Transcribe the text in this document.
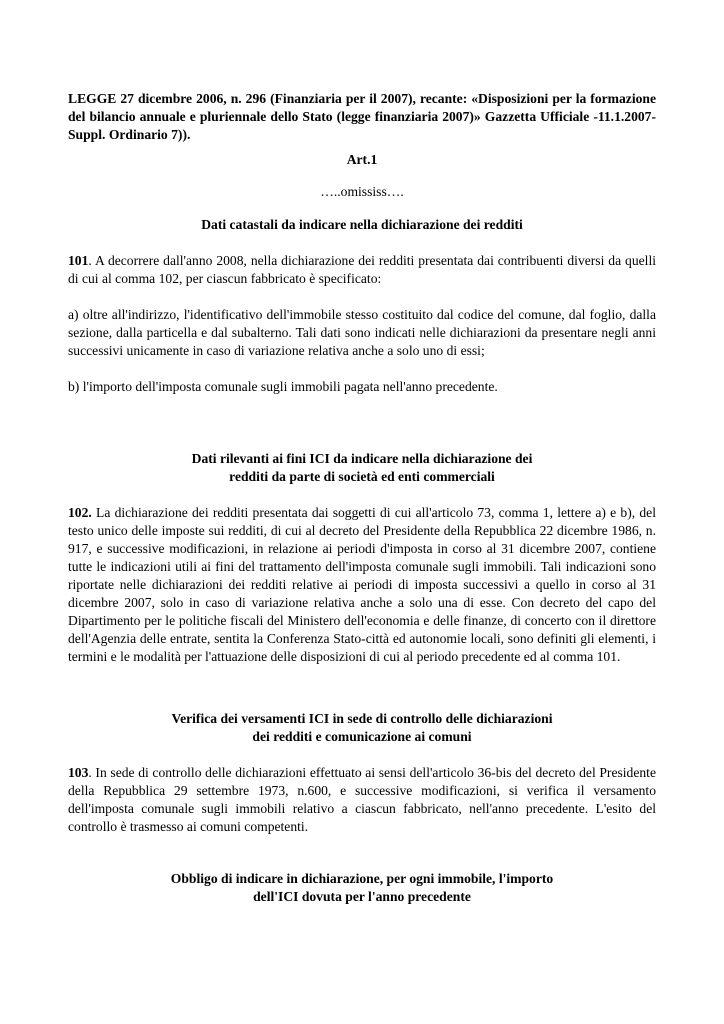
LEGGE 27 dicembre 2006, n. 296 (Finanziaria per il 2007), recante: «Disposizioni per la formazione del bilancio annuale e pluriennale dello Stato (legge finanziaria 2007)» Gazzetta Ufficiale -11.1.2007- Suppl. Ordinario 7)).

Art.1

…..omississ….

Dati catastali da indicare nella dichiarazione dei redditi

101. A decorrere dall'anno 2008, nella dichiarazione dei redditi presentata dai contribuenti diversi da quelli di cui al comma 102, per ciascun fabbricato è specificato:

a) oltre all'indirizzo, l'identificativo dell'immobile stesso costituito dal codice del comune, dal foglio, dalla sezione, dalla particella e dal subalterno. Tali dati sono indicati nelle dichiarazioni da presentare negli anni successivi unicamente in caso di variazione relativa anche a solo uno di essi;

b) l'importo dell'imposta comunale sugli immobili pagata nell'anno precedente.

Dati rilevanti ai fini ICI da indicare nella dichiarazione dei
redditi da parte di società ed enti commerciali

102. La dichiarazione dei redditi presentata dai soggetti di cui all'articolo 73, comma 1, lettere a) e b), del testo unico delle imposte sui redditi, di cui al decreto del Presidente della Repubblica 22 dicembre 1986, n. 917, e successive modificazioni, in relazione ai periodi d'imposta in corso al 31 dicembre 2007, contiene tutte le indicazioni utili ai fini del trattamento dell'imposta comunale sugli immobili. Tali indicazioni sono riportate nelle dichiarazioni dei redditi relative ai periodi di imposta successivi a quello in corso al 31 dicembre 2007, solo in caso di variazione relativa anche a solo una di esse. Con decreto del capo del Dipartimento per le politiche fiscali del Ministero dell'economia e delle finanze, di concerto con il direttore dell'Agenzia delle entrate, sentita la Conferenza Stato-città ed autonomie locali, sono definiti gli elementi, i termini e le modalità per l'attuazione delle disposizioni di cui al periodo precedente ed al comma 101.

Verifica dei versamenti ICI in sede di controllo delle dichiarazioni
dei redditi e comunicazione ai comuni

103. In sede di controllo delle dichiarazioni effettuato ai sensi dell'articolo 36-bis del decreto del Presidente della Repubblica 29 settembre 1973, n.600, e successive modificazioni, si verifica il versamento dell'imposta comunale sugli immobili relativo a ciascun fabbricato, nell'anno precedente. L'esito del controllo è trasmesso ai comuni competenti.

Obbligo di indicare in dichiarazione, per ogni immobile, l'importo
dell'ICI dovuta per l'anno precedente
